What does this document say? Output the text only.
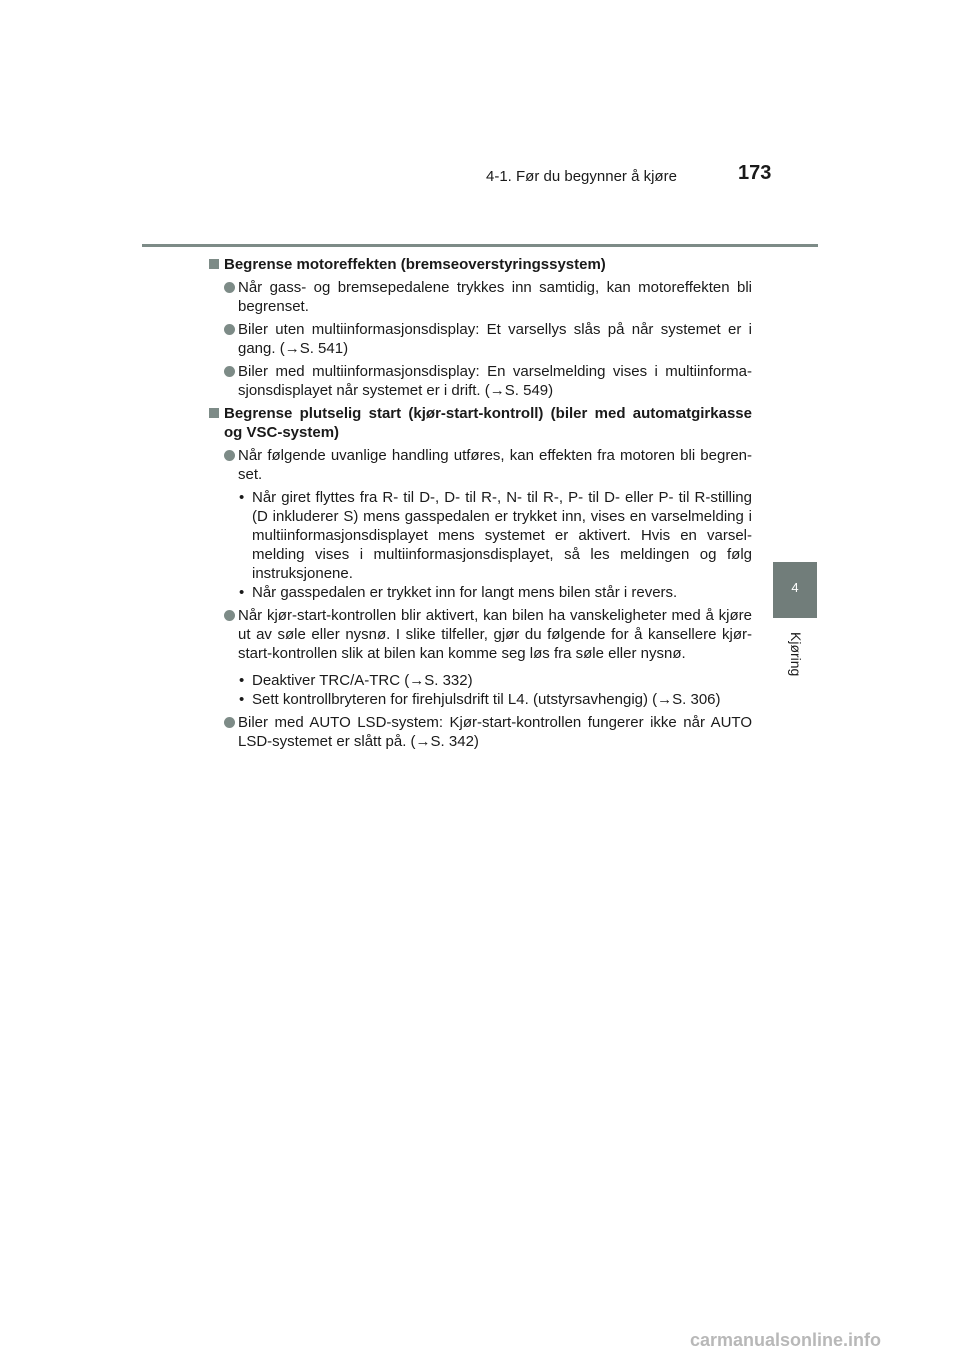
4-1. Før du begynner å kjøre	173
4
Kjøring
Begrense motoreffekten (bremseoverstyringssystem)
Når gass- og bremsepedalene trykkes inn samtidig, kan motoreffekten bli begrenset.
Biler uten multiinformasjonsdisplay: Et varsellys slås på når systemet er i gang. (→S. 541)
Biler med multiinformasjonsdisplay: En varselmelding vises i multiinforma-sjonsdisplayet når systemet er i drift. (→S. 549)
Begrense plutselig start (kjør-start-kontroll) (biler med automatgirkasse og VSC-system)
Når følgende uvanlige handling utføres, kan effekten fra motoren bli begren-set.
• Når giret flyttes fra R- til D-, D- til R-, N- til R-, P- til D- eller P- til R-stilling (D inkluderer S) mens gasspedalen er trykket inn, vises en varselmelding i multiinformasjonsdisplayet mens systemet er aktivert. Hvis en varsel-melding vises i multiinformasjonsdisplayet, så les meldingen og følg instruksjonene.
• Når gasspedalen er trykket inn for langt mens bilen står i revers.
Når kjør-start-kontrollen blir aktivert, kan bilen ha vanskeligheter med å kjøre ut av søle eller nysnø. I slike tilfeller, gjør du følgende for å kansellere kjør-start-kontrollen slik at bilen kan komme seg løs fra søle eller nysnø.
• Deaktiver TRC/A-TRC (→S. 332)
• Sett kontrollbryteren for firehjulsdrift til L4. (utstyrsavhengig) (→S. 306)
Biler med AUTO LSD-system: Kjør-start-kontrollen fungerer ikke når AUTO LSD-systemet er slått på. (→S. 342)
carmanualsonline.info
